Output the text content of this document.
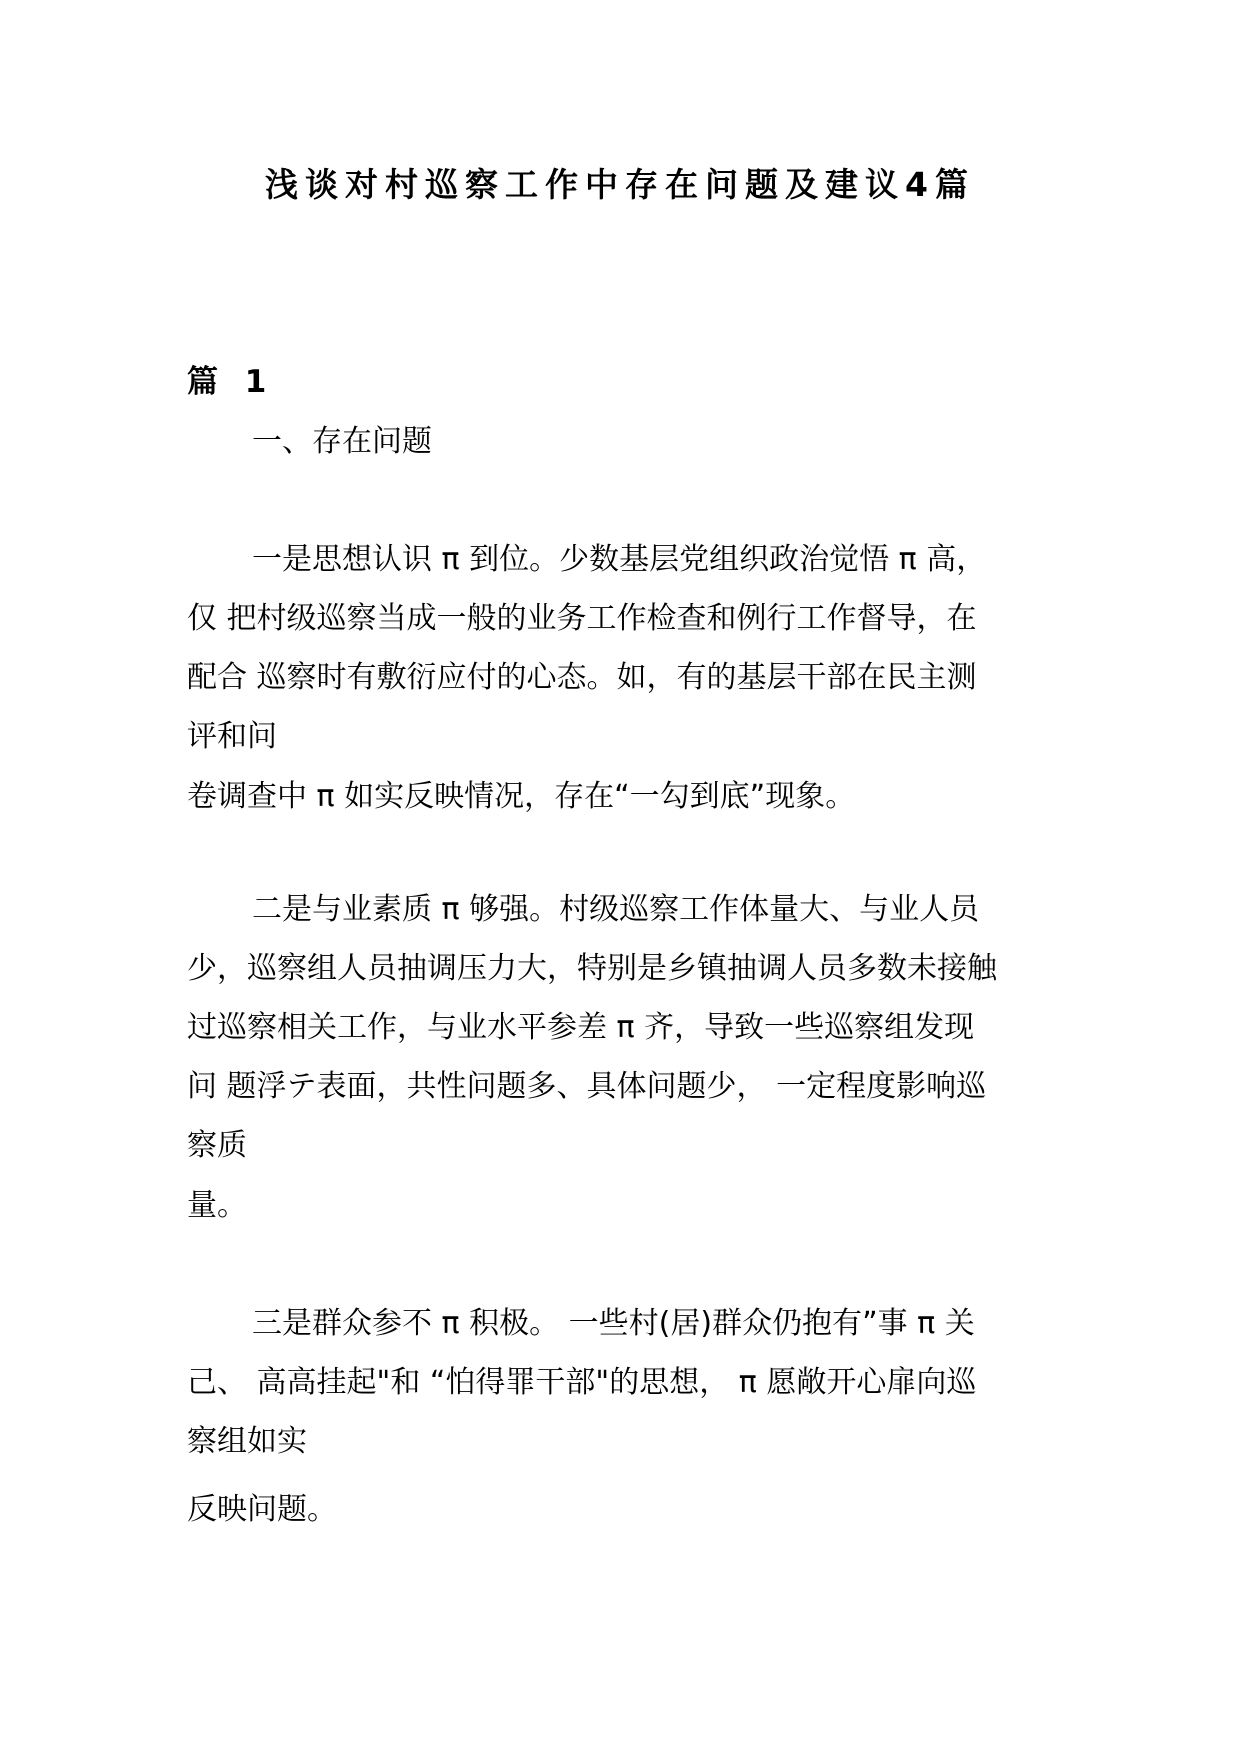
浅谈对村巡察工作中存在问题及建议4篇
篇 1
一、存在问题
一是思想认识 π 到位。少数基层党组织政治觉悟 π 高，
仅 把村级巡察当成一般的业务工作检查和例行工作督导，在
配合 巡察时有敷衍应付的心态。如，有的基层干部在民主测
评和问
卷调查中 π 如实反映情况，存在“一勾到底”现象。
二是与业素质 π 够强。村级巡察工作体量大、与业人员
少，巡察组人员抽调压力大，特别是乡镇抽调人员多数未接触
过巡察相关工作，与业水平参差 π 齐，导致一些巡察组发现
问 题浮テ表面，共性问题多、具体问题少， 一定程度影响巡
察质
量。
三是群众参不 π 积极。 一些村(居)群众仍抱有”事 π 关
己、 高高挂起"和 “怕得罪干部"的思想， π 愿敞开心扉向巡
察组如实
反映问题。
